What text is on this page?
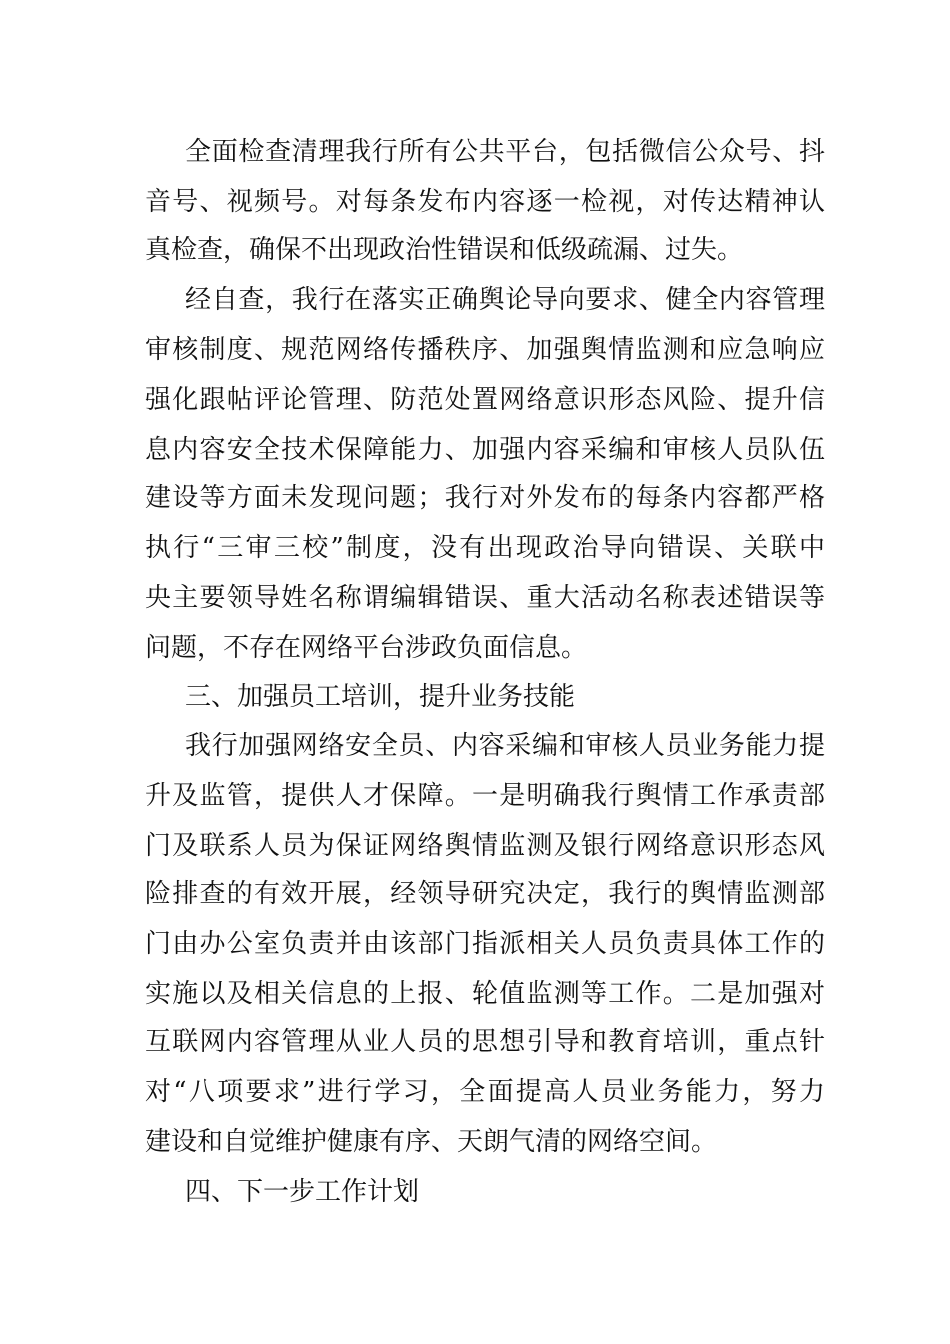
全面检查清理我行所有公共平台，包括微信公众号、抖
音号、视频号。对每条发布内容逐一检视，对传达精神认
真检查，确保不出现政治性错误和低级疏漏、过失。
经自查，我行在落实正确舆论导向要求、健全内容管理
审核制度、规范网络传播秩序、加强舆情监测和应急响应
强化跟帖评论管理、防范处置网络意识形态风险、提升信
息内容安全技术保障能力、加强内容采编和审核人员队伍
建设等方面未发现问题；我行对外发布的每条内容都严格
执行“三审三校”制度，没有出现政治导向错误、关联中
央主要领导姓名称谓编辑错误、重大活动名称表述错误等
问题，不存在网络平台涉政负面信息。
三、加强员工培训，提升业务技能
我行加强网络安全员、内容采编和审核人员业务能力提
升及监管，提供人才保障。一是明确我行舆情工作承责部
门及联系人员为保证网络舆情监测及银行网络意识形态风
险排查的有效开展，经领导研究决定，我行的舆情监测部
门由办公室负责并由该部门指派相关人员负责具体工作的
实施以及相关信息的上报、轮值监测等工作。二是加强对
互联网内容管理从业人员的思想引导和教育培训，重点针
对“八项要求”进行学习，全面提高人员业务能力，努力
建设和自觉维护健康有序、天朗气清的网络空间。
四、下一步工作计划
